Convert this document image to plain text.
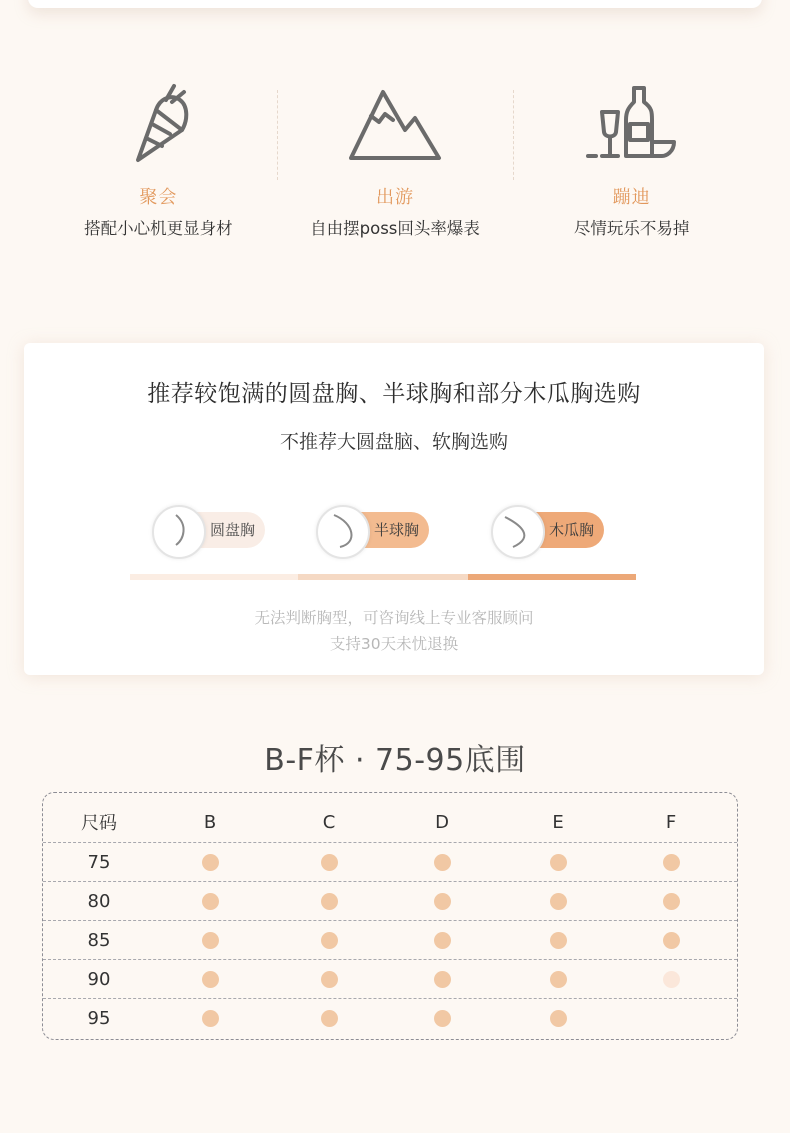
聚会
搭配小心机更显身材
出游
自由摆poss回头率爆表
蹦迪
尽情玩乐不易掉
推荐较饱满的圆盘胸、半球胸和部分木瓜胸选购
不推荐大圆盘脑、软胸选购
圆盘胸	半球胸	木瓜胸
无法判断胸型，可咨询线上专业客服顾问
支持30天未忧退换
B-F杯 · 75-95底围
尺码	B	C	D	E	F
75
80
85
90
95
